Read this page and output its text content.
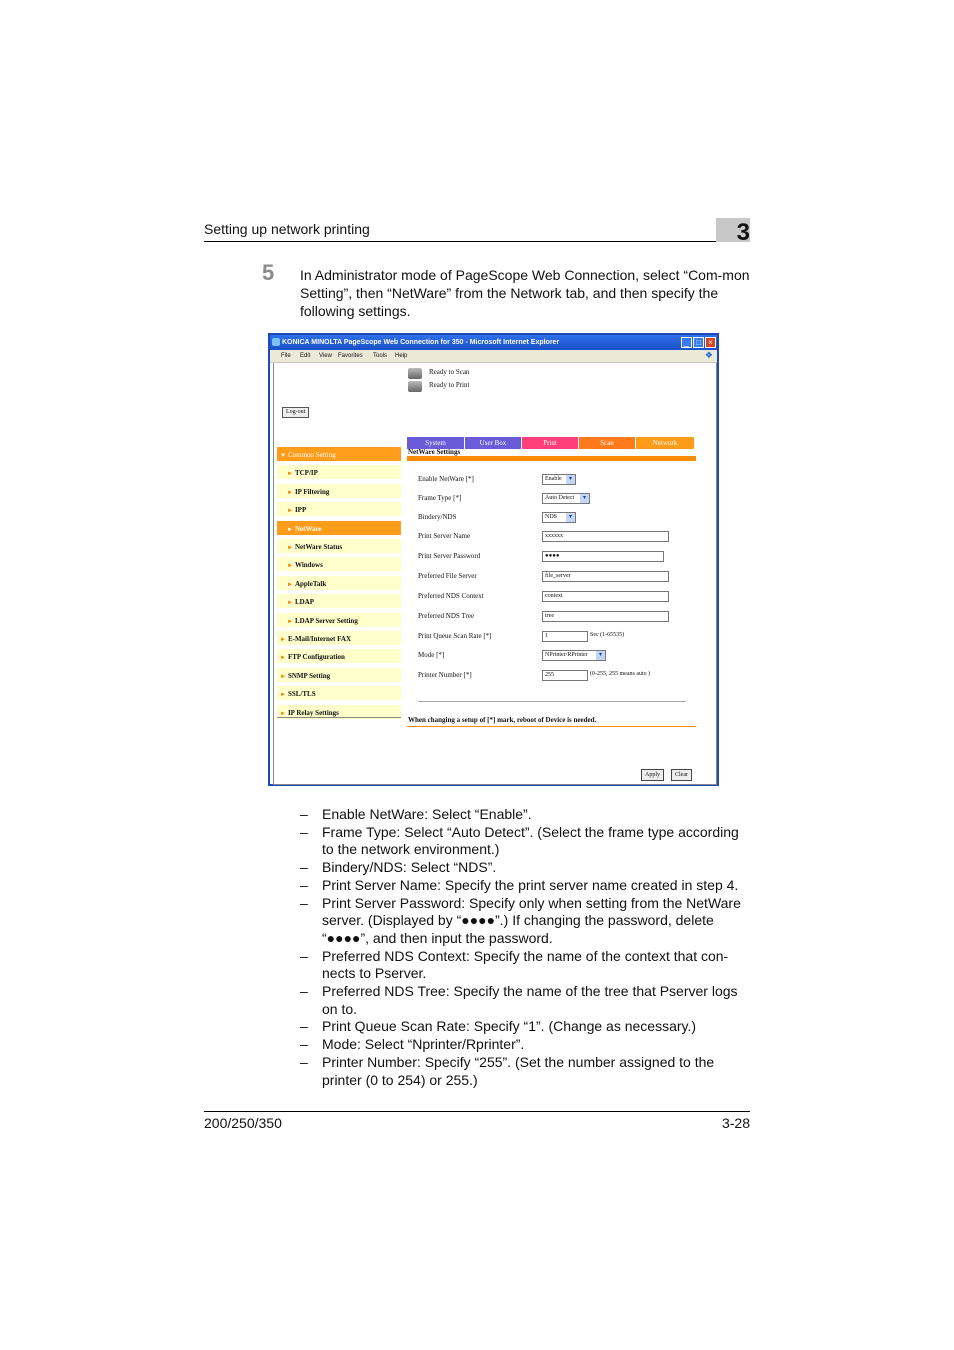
Setting up network printing	3
5 In Administrator mode of PageScope Web Connection, select “Com-mon Setting”, then “NetWare” from the Network tab, and then specify the following settings.
KONICA MINOLTA PageScope Web Connection for 350 - Microsoft Internet Explorer	_ □ ×
File Edit View Favorites Tools Help	❖
Ready to Scan
Ready to Print
Log-out
System	User Box	Print	Scan	Network
▼ Common Setting
► TCP/IP
► IP Filtering
► IPP
► NetWare
► NetWare Status
► Windows
► AppleTalk
► LDAP
► LDAP Server Setting
► E-Mail/Internet FAX
► FTP Configuration
► SNMP Setting
► SSL/TLS
► IP Relay Settings
NetWare Settings
Enable NetWare [*]	Enable	▾
Frame Type [*]	Auto Detect	▾
Bindery/NDS	NDS	▾
Print Server Name	xxxxxx
Print Server Password	●●●●
Preferred File Server	file_server
Preferred NDS Context	context
Preferred NDS Tree	tree
Print Queue Scan Rate [*]	1	Sec (1-65535)
Mode [*]	NPrinter/RPrinter	▾
Printer Number [*]	255	(0-255, 255 means auto )
When changing a setup of [*] mark, reboot of Device is needed.
Apply	Clear
– Enable NetWare: Select “Enable”.
– Frame Type: Select “Auto Detect”. (Select the frame type according to the network environment.)
– Bindery/NDS: Select “NDS”.
– Print Server Name: Specify the print server name created in step 4.
– Print Server Password: Specify only when setting from the NetWare server. (Displayed by “●●●●”.) If changing the password, delete “●●●●”, and then input the password.
– Preferred NDS Context: Specify the name of the context that con-nects to Pserver.
– Preferred NDS Tree: Specify the name of the tree that Pserver logs on to.
– Print Queue Scan Rate: Specify “1”. (Change as necessary.)
– Mode: Select “Nprinter/Rprinter”.
– Printer Number: Specify “255”. (Set the number assigned to the printer (0 to 254) or 255.)
200/250/350	3-28
